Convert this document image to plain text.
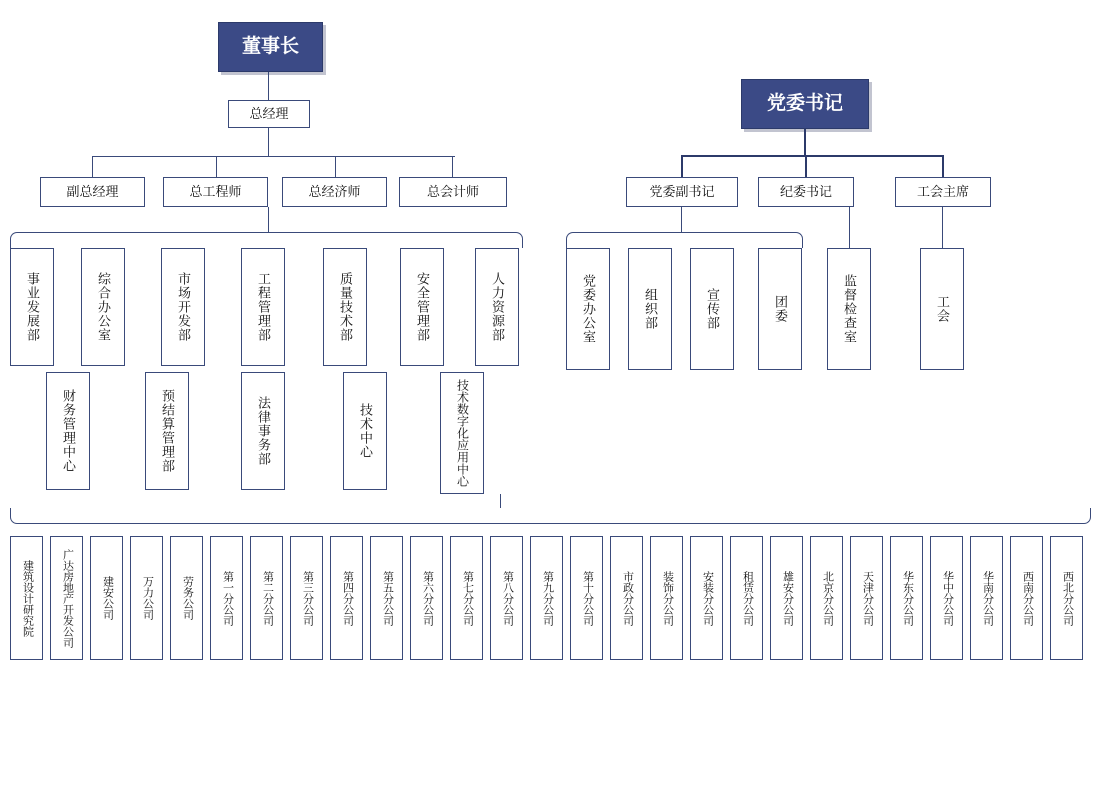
董事长
党委书记
总经理
副总经理	总工程师	总经济师	总会计师	党委副书记	纪委书记	工会主席
事业发展部	综合办公室	市场开发部	工程管理部	质量技术部	安全管理部	人力资源部
财务管理中心	预结算管理部	法律事务部	技术中心	技术数字化应用中心
党委办公室	组织部	宣传部	团委	监督检查室	工会
建筑设计研究院	广达房地产开发公司	建安公司	万力公司	劳务公司	第一分公司	第二分公司	第三分公司	第四分公司	第五分公司	第六分公司	第七分公司	第八分公司	第九分公司	第十分公司	市政分公司	装饰分公司	安装分公司	租赁分公司	雄安分公司	北京分公司	天津分公司	华东分公司	华中分公司	华南分公司	西南分公司	西北分公司
